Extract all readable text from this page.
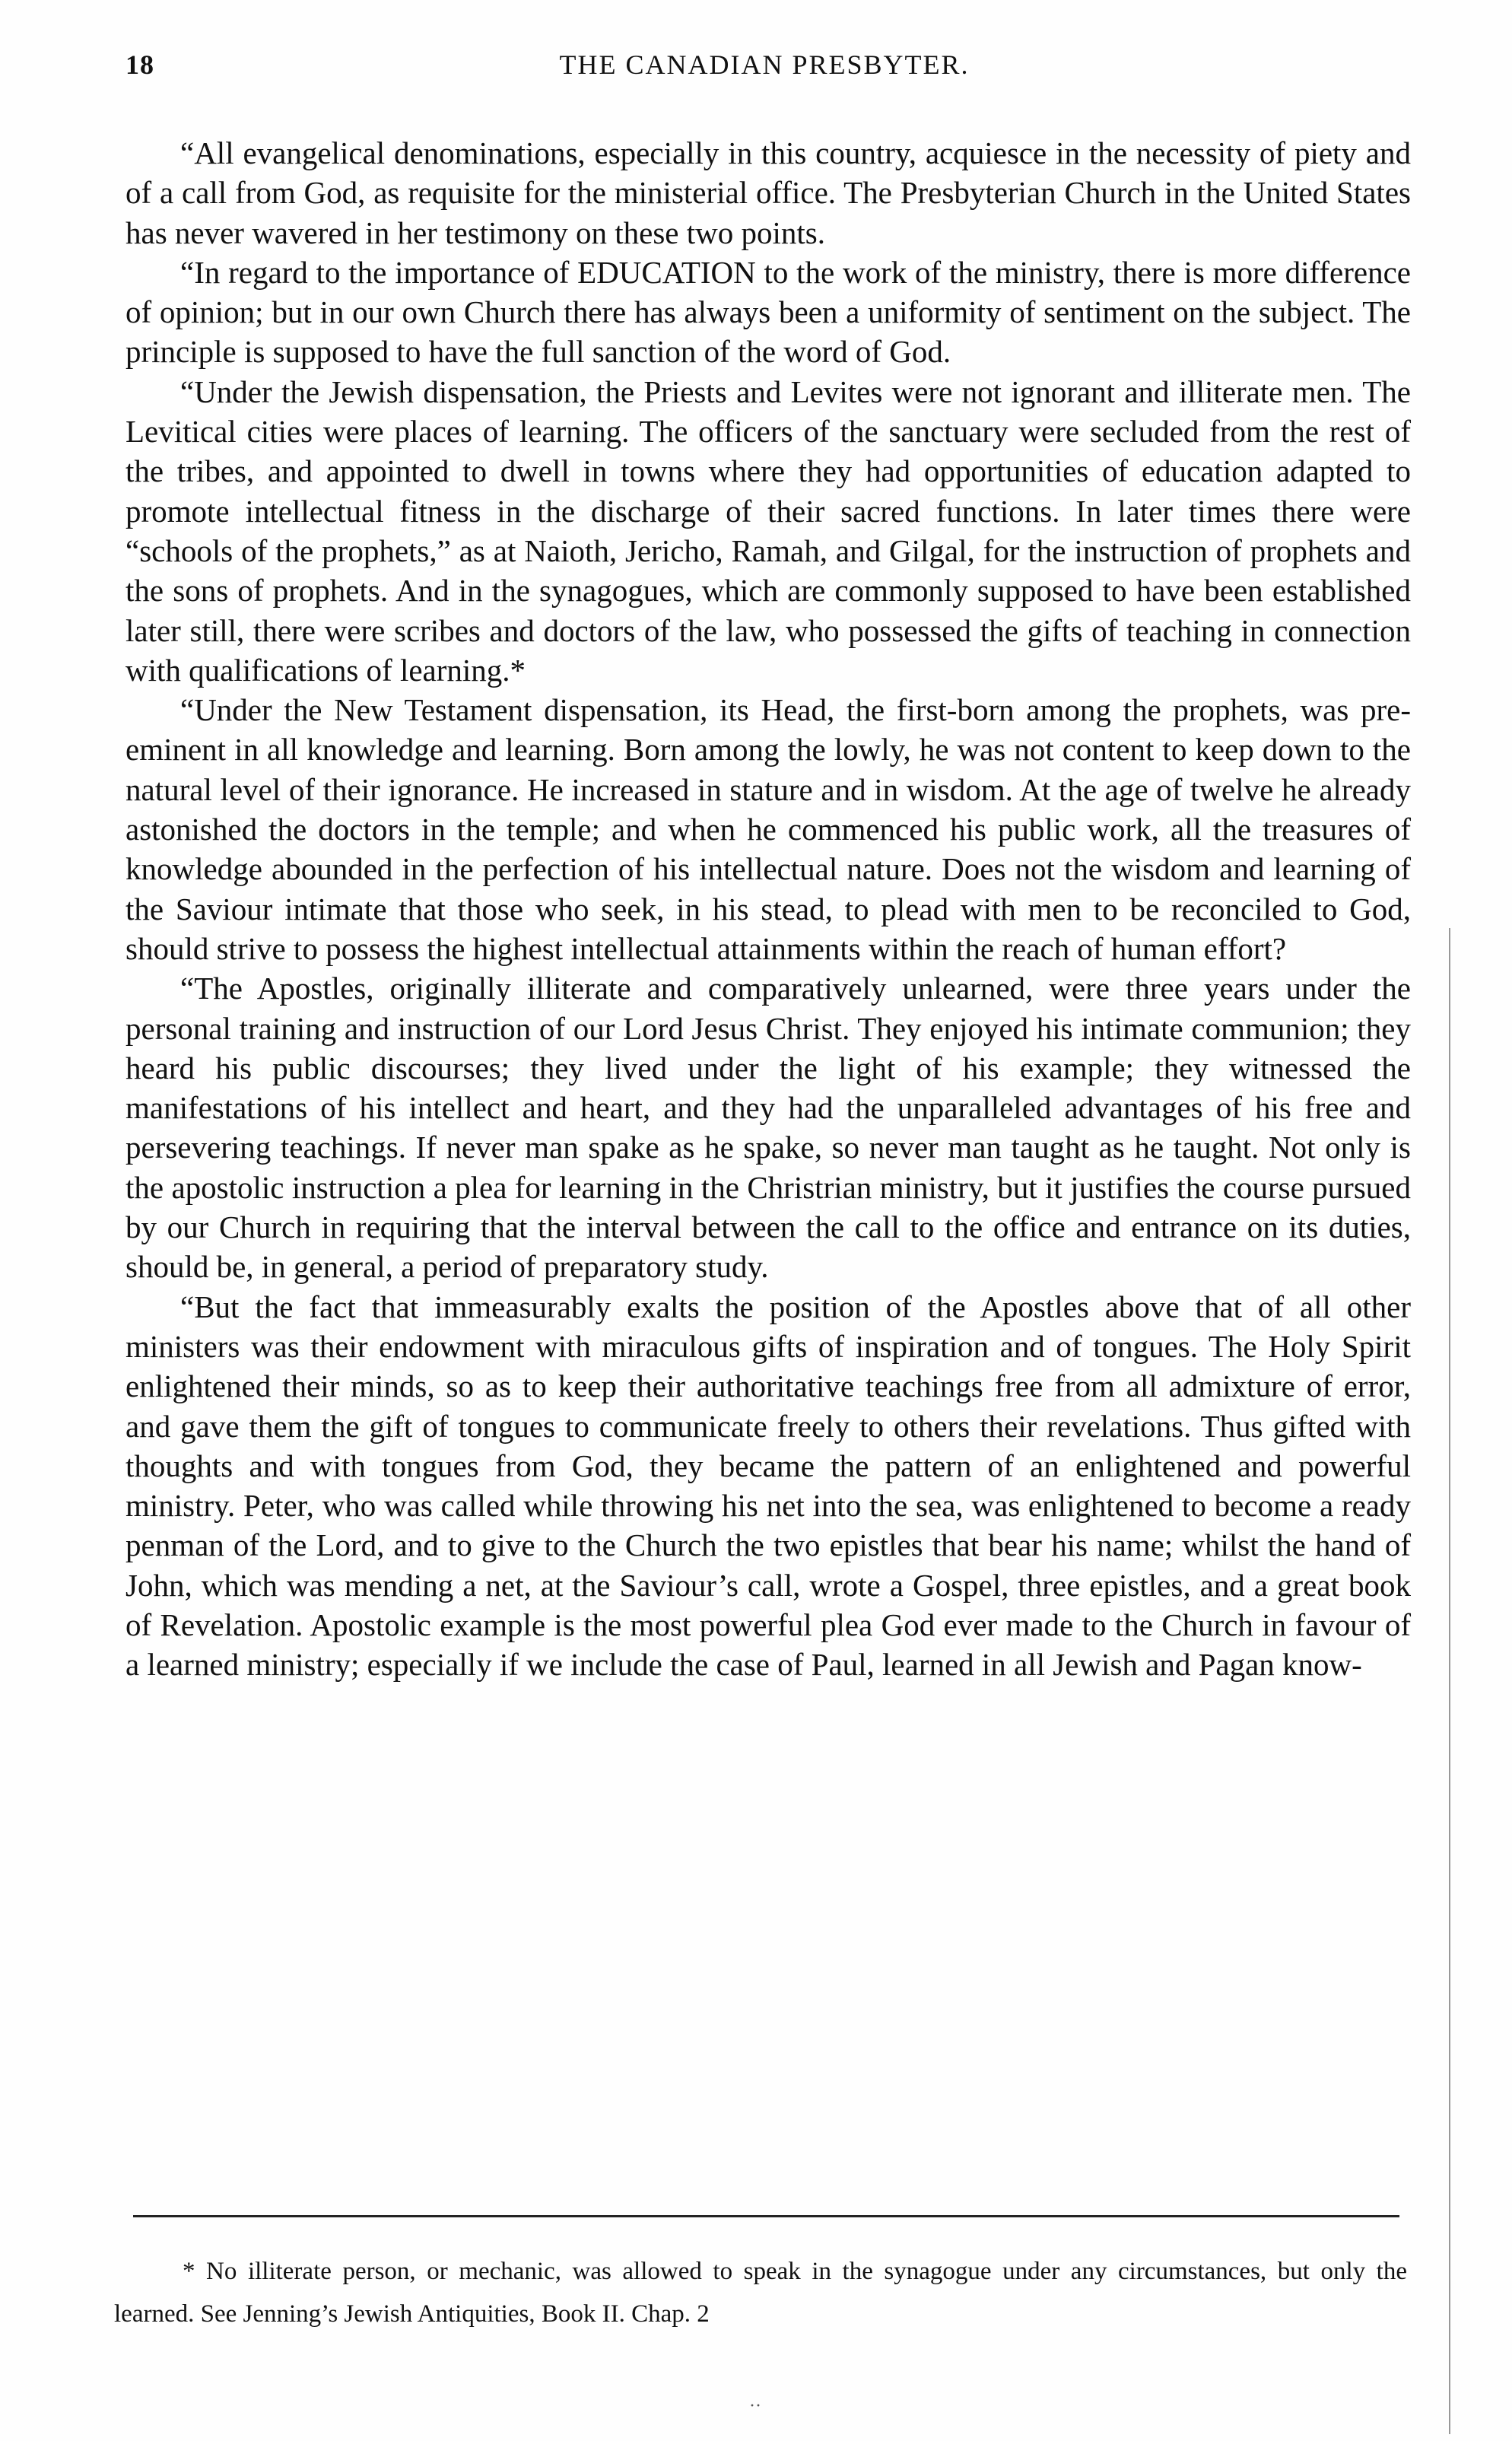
18	THE CANADIAN PRESBYTER.

“All evangelical denominations, especially in this country, acquiesce in the necessity of piety and of a call from God, as requisite for the ministerial office. The Presbyterian Church in the United States has never wavered in her testimony on these two points.

“In regard to the importance of EDUCATION to the work of the ministry, there is more difference of opinion; but in our own Church there has always been a uniformity of sentiment on the subject. The principle is supposed to have the full sanction of the word of God.

“Under the Jewish dispensation, the Priests and Levites were not ignorant and illiterate men. The Levitical cities were places of learning. The officers of the sanctuary were secluded from the rest of the tribes, and appointed to dwell in towns where they had opportunities of education adapted to promote intellectual fitness in the discharge of their sacred functions. In later times there were “schools of the prophets,” as at Naioth, Jericho, Ramah, and Gilgal, for the instruction of prophets and the sons of prophets. And in the synagogues, which are commonly supposed to have been established later still, there were scribes and doctors of the law, who possessed the gifts of teaching in connection with qualifications of learning.*

“Under the New Testament dispensation, its Head, the first-born among the prophets, was pre-eminent in all knowledge and learning. Born among the lowly, he was not content to keep down to the natural level of their ignorance. He increased in stature and in wisdom. At the age of twelve he already astonished the doctors in the temple; and when he commenced his public work, all the treasures of knowledge abounded in the perfection of his intellectual nature. Does not the wisdom and learning of the Saviour intimate that those who seek, in his stead, to plead with men to be reconciled to God, should strive to possess the highest intellectual attainments within the reach of human effort?

“The Apostles, originally illiterate and comparatively unlearned, were three years under the personal training and instruction of our Lord Jesus Christ. They enjoyed his intimate communion; they heard his public discourses; they lived under the light of his example; they witnessed the manifestations of his intellect and heart, and they had the unparalleled advantages of his free and persevering teachings. If never man spake as he spake, so never man taught as he taught. Not only is the apostolic instruction a plea for learning in the Christrian ministry, but it justifies the course pursued by our Church in requiring that the interval between the call to the office and entrance on its duties, should be, in general, a period of preparatory study.

“But the fact that immeasurably exalts the position of the Apostles above that of all other ministers was their endowment with miraculous gifts of inspiration and of tongues. The Holy Spirit enlightened their minds, so as to keep their authoritative teachings free from all admixture of error, and gave them the gift of tongues to communicate freely to others their revelations. Thus gifted with thoughts and with tongues from God, they became the pattern of an enlightened and powerful ministry. Peter, who was called while throwing his net into the sea, was enlightened to become a ready penman of the Lord, and to give to the Church the two epistles that bear his name; whilst the hand of John, which was mending a net, at the Saviour’s call, wrote a Gospel, three epistles, and a great book of Revelation. Apostolic example is the most powerful plea God ever made to the Church in favour of a learned ministry; especially if we include the case of Paul, learned in all Jewish and Pagan know-

* No illiterate person, or mechanic, was allowed to speak in the synagogue under any circumstances, but only the learned. See Jenning’s Jewish Antiquities, Book II. Chap. 2

··
